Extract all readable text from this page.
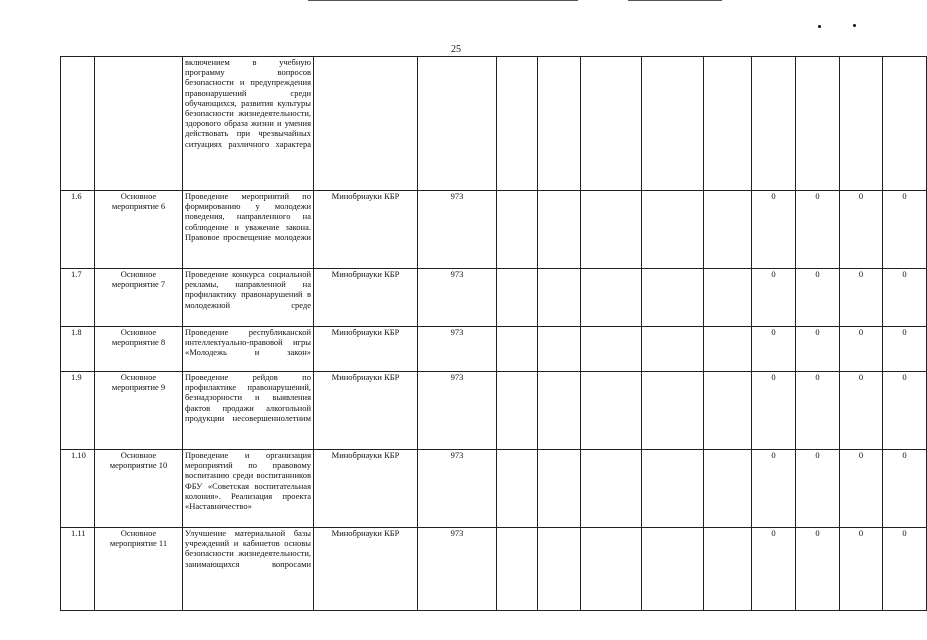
25
		включением в учебную программу вопросов безопасности и предупреждения правонарушений среди обучающихся, развития культуры безопасности жизнедеятельности, здорового образа жизни и умения действовать при чрезвычайных ситуациях различного характера											
1.6	Основное мероприятие 6	Проведение мероприятий по формированию у молодежи поведения, направленного на соблюдение и уважение закона. Правовое просвещение молодежи	Минобрнауки КБР	973						0	0	0	0
1.7	Основное мероприятие 7	Проведение конкурса социальной рекламы, направленной на профилактику правонарушений в молодежной среде	Минобрнауки КБР	973						0	0	0	0
1.8	Основное мероприятие 8	Проведение республиканской интеллектуально-правовой игры «Молодежь и закон»	Минобрнауки КБР	973						0	0	0	0
1.9	Основное мероприятие 9	Проведение рейдов по профилактике правонарушений, безнадзорности и выявления фактов продажи алкогольной продукции несовершеннолетним	Минобрнауки КБР	973						0	0	0	0
1.10	Основное мероприятие 10	Проведение и организация мероприятий по правовому воспитанию среди воспитанников ФБУ «Советская воспитательная колония». Реализация проекта «Наставничество»	Минобрнауки КБР	973						0	0	0	0
1.11	Основное мероприятие 11	Улучшение материальной базы учреждений и кабинетов основы безопасности жизнедеятельности, занимающихся вопросами	Минобрнауки КБР	973						0	0	0	0
